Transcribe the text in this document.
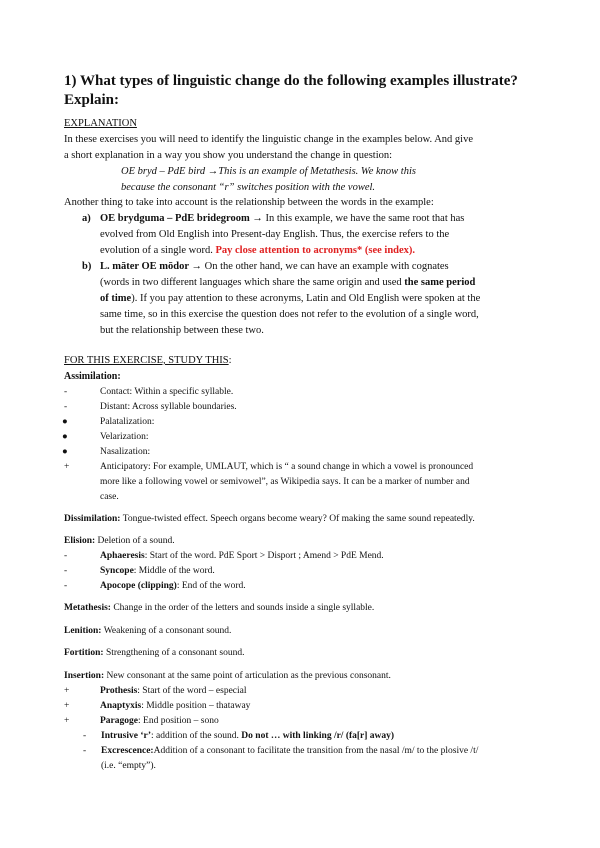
1) What types of linguistic change do the following examples illustrate? Explain:
EXPLANATION
In these exercises you will need to identify the linguistic change in the examples below. And give
a short explanation in a way you show you understand the change in question:
OE bryd – PdE bird →This is an example of Metathesis. We know this
because the consonant “r” switches position with the vowel.
Another thing to take into account is the relationship between the words in the example:
a) OE brydguma – PdE bridegroom → In this example, we have the same root that has
evolved from Old English into Present-day English. Thus, the exercise refers to the
evolution of a single word. Pay close attention to acronyms* (see index).
b) L. māter OE mōdor → On the other hand, we can have an example with cognates
(words in two different languages which share the same origin and used the same period
of time). If you pay attention to these acronyms, Latin and Old English were spoken at the
same time, so in this exercise the question does not refer to the evolution of a single word,
but the relationship between these two.
FOR THIS EXERCISE, STUDY THIS:
Assimilation:
-	Contact: Within a specific syllable.
-	Distant: Across syllable boundaries.
●	Palatalization:
●	Velarization:
●	Nasalization:
+	Anticipatory: For example, UMLAUT, which is “ a sound change in which a vowel is pronounced
more like a following vowel or semivowel”, as Wikipedia says. It can be a marker of number and
case.
Dissimilation: Tongue-twisted effect. Speech organs become weary? Of making the same sound repeatedly.
Elision: Deletion of a sound.
-	Aphaeresis: Start of the word. PdE Sport > Disport ; Amend > PdE Mend.
-	Syncope: Middle of the word.
-	Apocope (clipping): End of the word.
Metathesis: Change in the order of the letters and sounds inside a single syllable.
Lenition: Weakening of a consonant sound.
Fortition: Strengthening of a consonant sound.
Insertion: New consonant at the same point of articulation as the previous consonant.
+	Prothesis: Start of the word – especial
+	Anaptyxis: Middle position – thataway
+	Paragoge: End position – sono
- Intrusive ‘r’: addition of the sound. Do not … with linking /r/ (fa[r] away)
- Excrescence:Addition of a consonant to facilitate the transition from the nasal /m/ to the plosive /t/
(i.e. “empty”).
